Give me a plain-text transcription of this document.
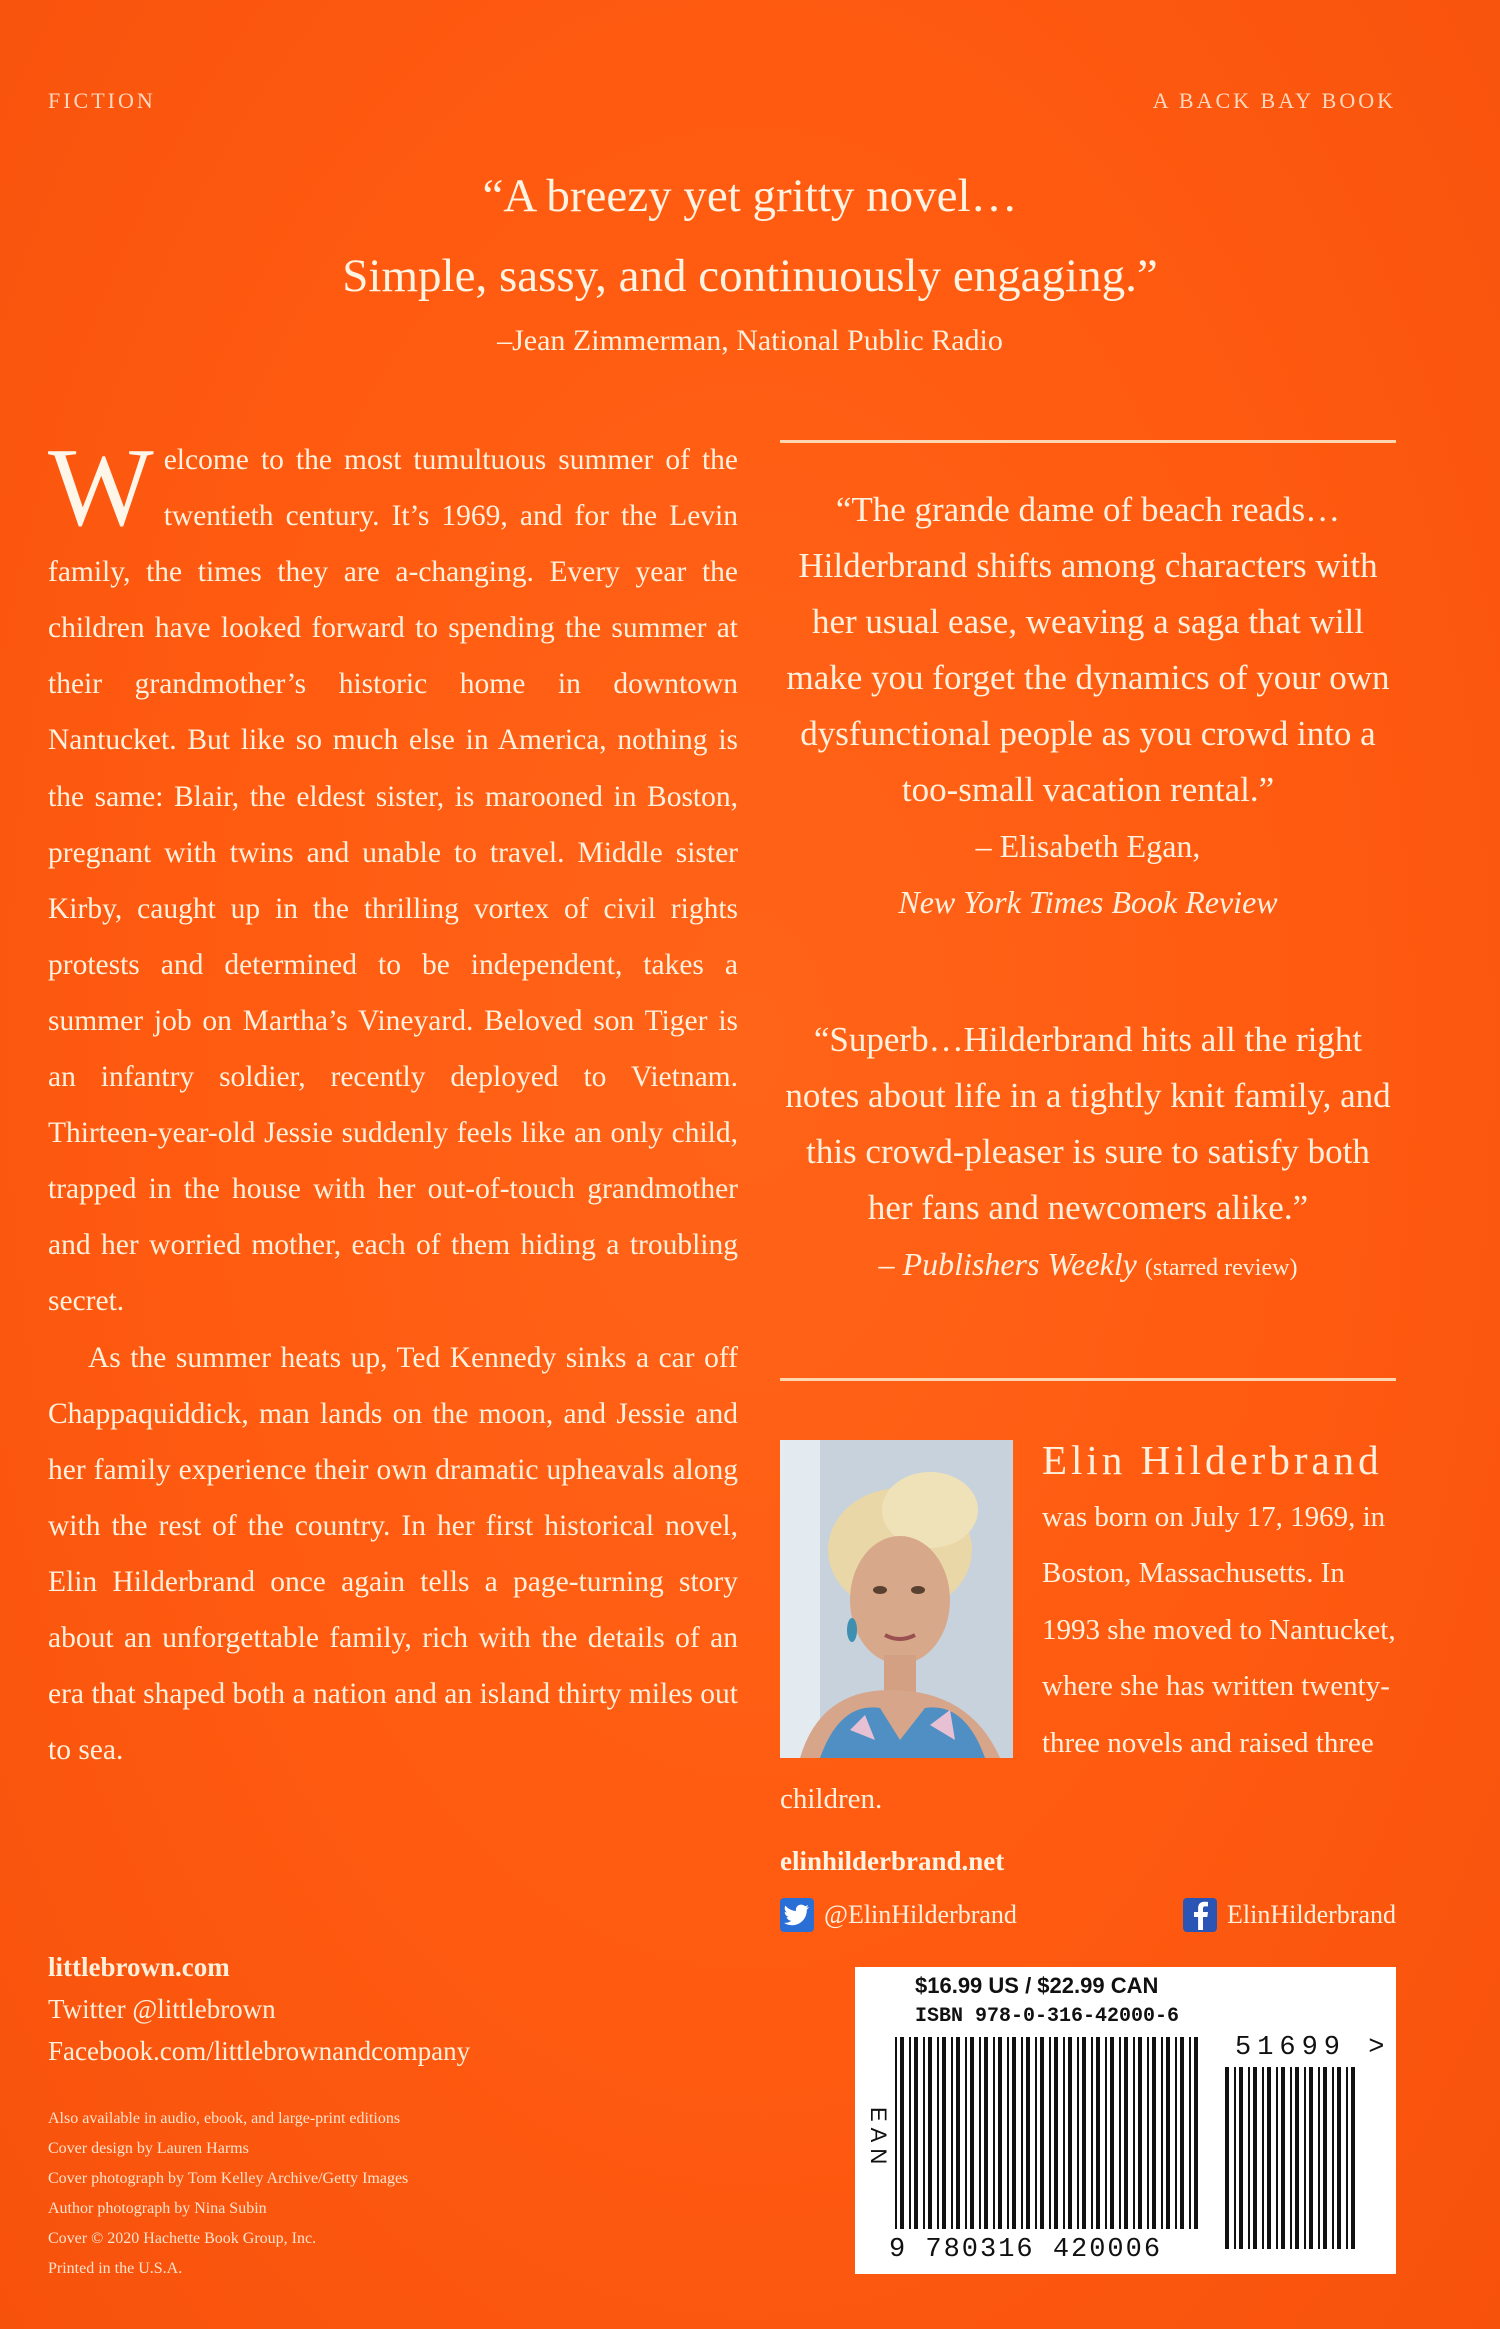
FICTION	A BACK BAY BOOK
“A breezy yet gritty novel…
Simple, sassy, and continuously engaging.”
–Jean Zimmerman, National Public Radio

Welcome to the most tumultuous summer of the twentieth century. It’s 1969, and for the Levin family, the times they are a-changing. Every year the children have looked forward to spending the summer at their grandmother’s historic home in downtown Nantucket. But like so much else in America, nothing is the same: Blair, the eldest sister, is marooned in Boston, pregnant with twins and unable to travel. Middle sister Kirby, caught up in the thrilling vortex of civil rights protests and determined to be independent, takes a summer job on Martha’s Vineyard. Beloved son Tiger is an infantry soldier, recently deployed to Vietnam. Thirteen-year-old Jessie suddenly feels like an only child, trapped in the house with her out-of-touch grandmother and her worried mother, each of them hiding a troubling secret.

As the summer heats up, Ted Kennedy sinks a car off Chappaquiddick, man lands on the moon, and Jessie and her family experience their own dramatic upheavals along with the rest of the country. In her first historical novel, Elin Hilderbrand once again tells a page-turning story about an unforgettable family, rich with the details of an era that shaped both a nation and an island thirty miles out to sea.

“The grande dame of beach reads… Hilderbrand shifts among characters with her usual ease, weaving a saga that will make you forget the dynamics of your own dysfunctional people as you crowd into a too-small vacation rental.”
– Elisabeth Egan,
New York Times Book Review
“Superb…Hilderbrand hits all the right notes about life in a tightly knit family, and this crowd-pleaser is sure to satisfy both her fans and newcomers alike.”
– Publishers Weekly (starred review)
Elin Hilderbrand
was born on July 17, 1969, in Boston, Massachusetts. In 1993 she moved to Nantucket, where she has written twenty-three novels and raised three children.
elinhilderbrand.net
@ElinHilderbrand	ElinHilderbrand
littlebrown.com
Twitter @littlebrown
Facebook.com/littlebrownandcompany
Also available in audio, ebook, and large-print editions
Cover design by Lauren Harms
Cover photograph by Tom Kelley Archive/Getty Images
Author photograph by Nina Subin
Cover © 2020 Hachette Book Group, Inc.
Printed in the U.S.A.
$16.99 US / $22.99 CAN
ISBN 978-0-316-42000-6
EAN
51699 >
9 780316 420006
